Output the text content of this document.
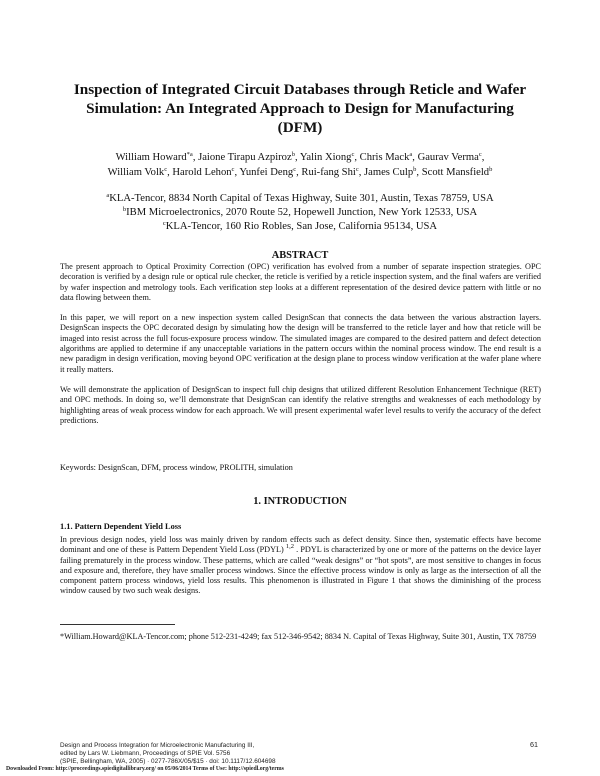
Inspection of Integrated Circuit Databases through Reticle and Wafer
Simulation: An Integrated Approach to Design for Manufacturing
(DFM)
William Howard$^{*a}$, Jaione Tirapu Azpiroz$^b$, Yalin Xiong$^c$, Chris Mack$^a$, Gaurav Verma$^c$,
William Volk$^c$, Harold Lehon$^c$, Yunfei Deng$^c$, Rui-fang Shi$^c$, James Culp$^b$, Scott Mansfield$^b$
$^a$KLA-Tencor, 8834 North Capital of Texas Highway, Suite 301, Austin, Texas 78759, USA
$^b$IBM Microelectronics, 2070 Route 52, Hopewell Junction, New York 12533, USA
$^c$KLA-Tencor, 160 Rio Robles, San Jose, California 95134, USA
ABSTRACT

The present approach to Optical Proximity Correction (OPC) verification has evolved from a number of separate inspection strategies. OPC decoration is verified by a design rule or optical rule checker, the reticle is verified by a reticle inspection system, and the final wafers are verified by wafer inspection and metrology tools. Each verification step looks at a different representation of the desired device pattern with little or no data flowing between them.

In this paper, we will report on a new inspection system called DesignScan that connects the data between the various abstraction layers. DesignScan inspects the OPC decorated design by simulating how the design will be transferred to the reticle layer and how that reticle will be imaged into resist across the full focus-exposure process window. The simulated images are compared to the desired pattern and defect detection algorithms are applied to determine if any unacceptable variations in the pattern occurs within the nominal process window. The end result is a new paradigm in design verification, moving beyond OPC verification at the design plane to process window verification at the wafer plane where it really matters.

We will demonstrate the application of DesignScan to inspect full chip designs that utilized different Resolution Enhancement Technique (RET) and OPC methods. In doing so, we’ll demonstrate that DesignScan can identify the relative strengths and weaknesses of each methodology by highlighting areas of weak process window for each approach. We will present experimental wafer level results to verify the accuracy of the defect predictions.

Keywords: DesignScan, DFM, process window, PROLITH, simulation
1. INTRODUCTION
1.1. Pattern Dependent Yield Loss

In previous design nodes, yield loss was mainly driven by random effects such as defect density. Since then, systematic effects have become dominant and one of these is Pattern Dependent Yield Loss (PDYL) $^{1,2}$ . PDYL is characterized by one or more of the patterns on the device layer failing prematurely in the process window. These patterns, which are called “weak designs” or “hot spots”, are most sensitive to changes in focus and exposure and, therefore, they have smaller process windows. Since the effective process window is only as large as the intersection of all the component pattern process windows, yield loss results. This phenomenon is illustrated in Figure 1 that shows the diminishing of the process window caused by two such weak designs.

*William.Howard@KLA-Tencor.com; phone 512-231-4249; fax 512-346-9542; 8834 N. Capital of Texas Highway, Suite 301, Austin, TX 78759
Design and Process Integration for Microelectronic Manufacturing III,
edited by Lars W. Liebmann, Proceedings of SPIE Vol. 5756
(SPIE, Bellingham, WA, 2005) · 0277-786X/05/$15 · doi: 10.1117/12.604698
61
Downloaded From: http://proceedings.spiedigitallibrary.org/ on 05/06/2014 Terms of Use: http://spiedl.org/terms
